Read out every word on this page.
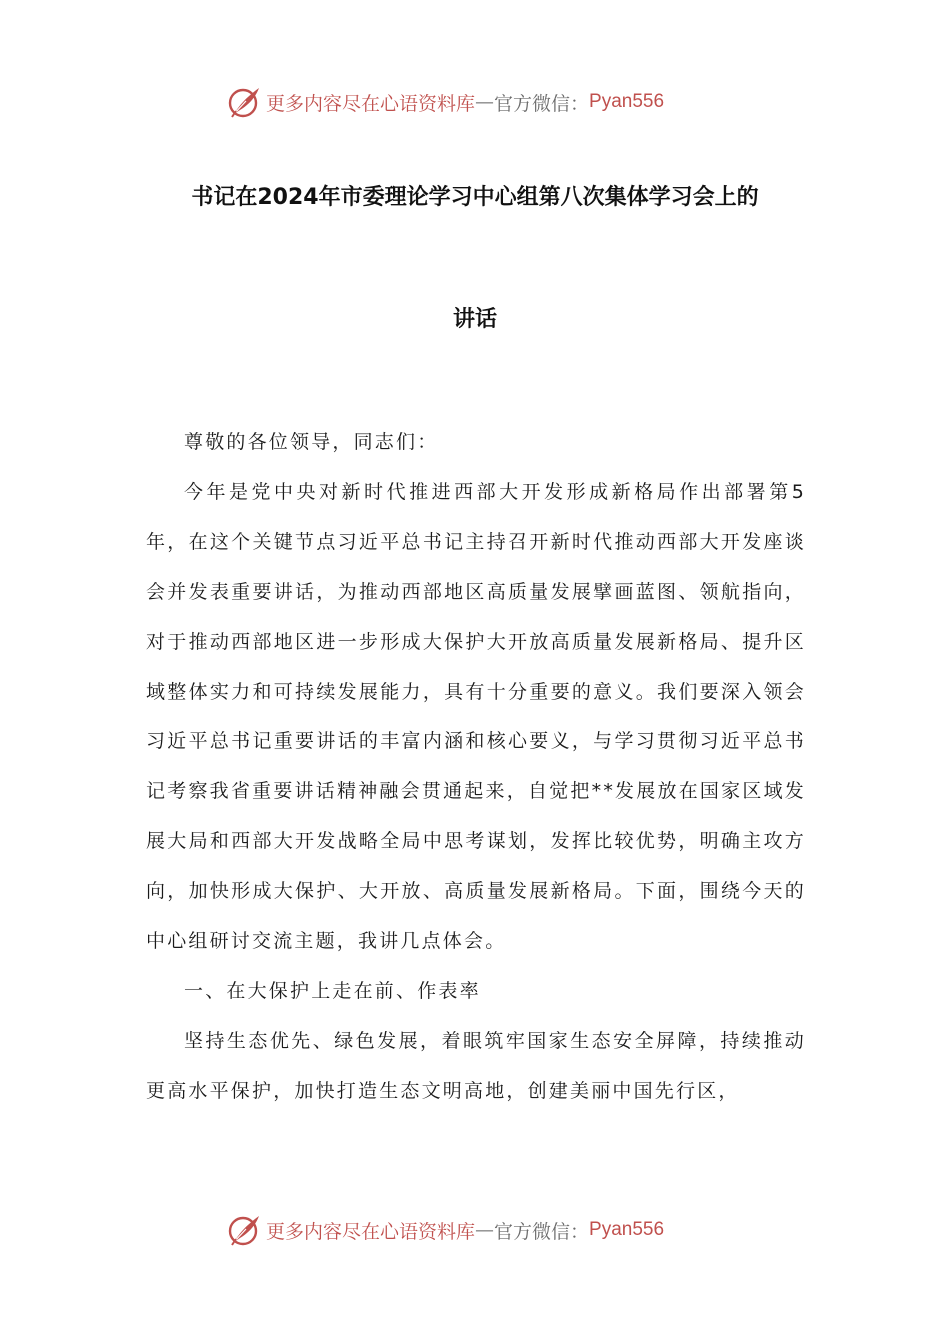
更多内容尽在心语资料库 — 官方微信： Pyan556
书记在2024年市委理论学习中心组第八次集体学习会上的
讲话

尊敬的各位领导，同志们：

今年是党中央对新时代推进西部大开发形成新格局作出部署第5年，在这个关键节点习近平总书记主持召开新时代推动西部大开发座谈会并发表重要讲话，为推动西部地区高质量发展擘画蓝图、领航指向，对于推动西部地区进一步形成大保护大开放高质量发展新格局、提升区域整体实力和可持续发展能力，具有十分重要的意义。我们要深入领会习近平总书记重要讲话的丰富内涵和核心要义，与学习贯彻习近平总书记考察我省重要讲话精神融会贯通起来，自觉把**发展放在国家区域发展大局和西部大开发战略全局中思考谋划，发挥比较优势，明确主攻方向，加快形成大保护、大开放、高质量发展新格局。下面，围绕今天的中心组研讨交流主题，我讲几点体会。

一、在大保护上走在前、作表率

坚持生态优先、绿色发展，着眼筑牢国家生态安全屏障，持续推动更高水平保护，加快打造生态文明高地，创建美丽中国先行区，

更多内容尽在心语资料库 — 官方微信： Pyan556
